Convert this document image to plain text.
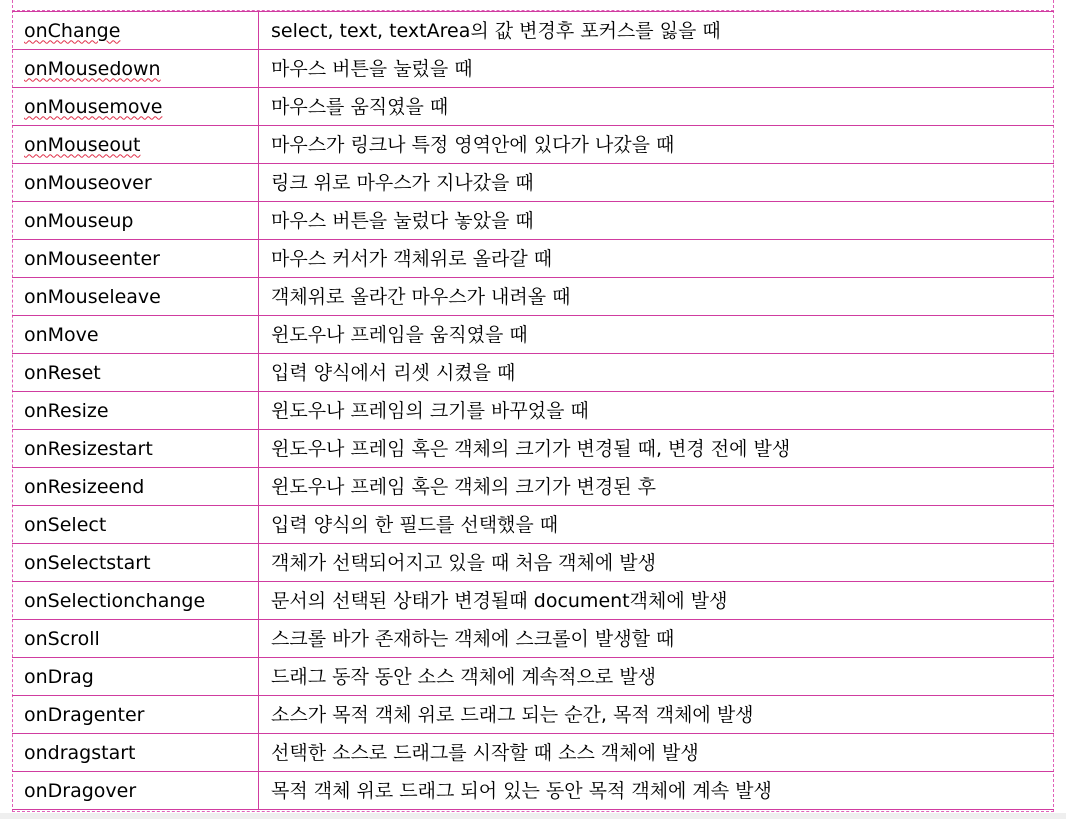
onChange	select, text, textArea의 값 변경후 포커스를 잃을 때
onMousedown	마우스 버튼을 눌렀을 때
onMousemove	마우스를 움직였을 때
onMouseout	마우스가 링크나 특정 영역안에 있다가 나갔을 때
onMouseover	링크 위로 마우스가 지나갔을 때
onMouseup	마우스 버튼을 눌렀다 놓았을 때
onMouseenter	마우스 커서가 객체위로 올라갈 때
onMouseleave	객체위로 올라간 마우스가 내려올 때
onMove	윈도우나 프레임을 움직였을 때
onReset	입력 양식에서 리셋 시켰을 때
onResize	윈도우나 프레임의 크기를 바꾸었을 때
onResizestart	윈도우나 프레임 혹은 객체의 크기가 변경될 때, 변경 전에 발생
onResizeend	윈도우나 프레임 혹은 객체의 크기가 변경된 후
onSelect	입력 양식의 한 필드를 선택했을 때
onSelectstart	객체가 선택되어지고 있을 때 처음 객체에 발생
onSelectionchange	문서의 선택된 상태가 변경될때 document객체에 발생
onScroll	스크롤 바가 존재하는 객체에 스크롤이 발생할 때
onDrag	드래그 동작 동안 소스 객체에 계속적으로 발생
onDragenter	소스가 목적 객체 위로 드래그 되는 순간, 목적 객체에 발생
ondragstart	선택한 소스로 드래그를 시작할 때 소스 객체에 발생
onDragover	목적 객체 위로 드래그 되어 있는 동안 목적 객체에 계속 발생
